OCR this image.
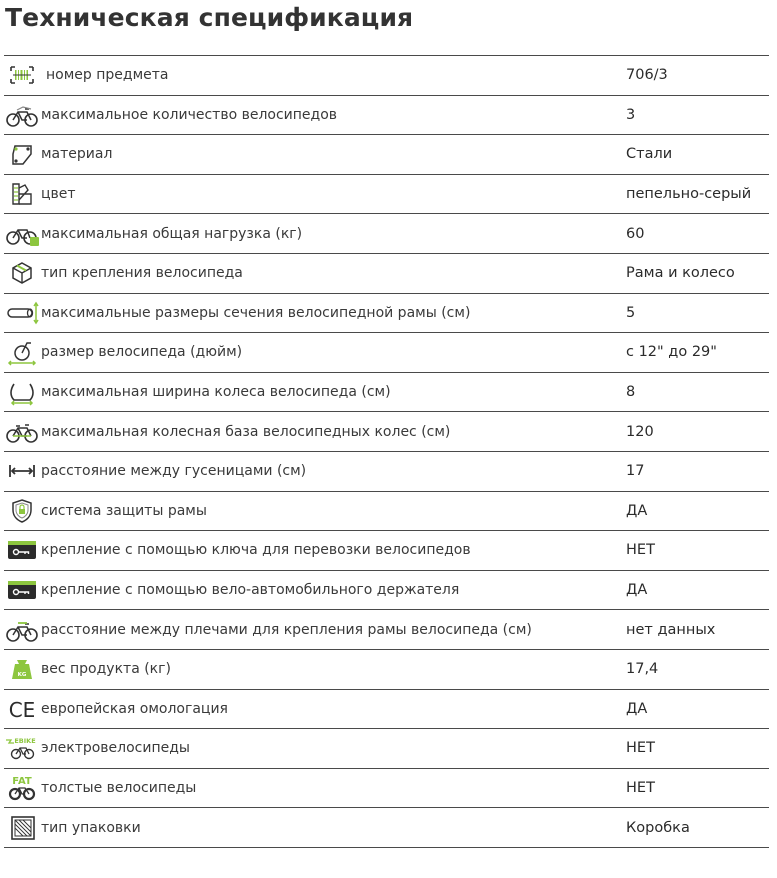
Техническая спецификация
номер предмета	706/3
максимальное количество велосипедов	3
материал	Стали
цвет	пепельно-серый
максимальная общая нагрузка (кг)	60
тип крепления велосипеда	Рама и колесо
максимальные размеры сечения велосипедной рамы (см)	5
размер велосипеда (дюйм)	с 12" до 29"
максимальная ширина колеса велосипеда (см)	8
максимальная колесная база велосипедных колес (см)	120
расстояние между гусеницами (см)	17
система защиты рамы	ДА
крепление с помощью ключа для перевозки велосипедов	НЕТ
крепление с помощью вело-автомобильного держателя	ДА
расстояние между плечами для крепления рамы велосипеда (см)	нет данных
KG вес продукта (кг)	17,4
CE европейская омологация	ДА
EBIKE электровелосипеды	НЕТ
FAT толстые велосипеды	НЕТ
тип упаковки	Коробка
